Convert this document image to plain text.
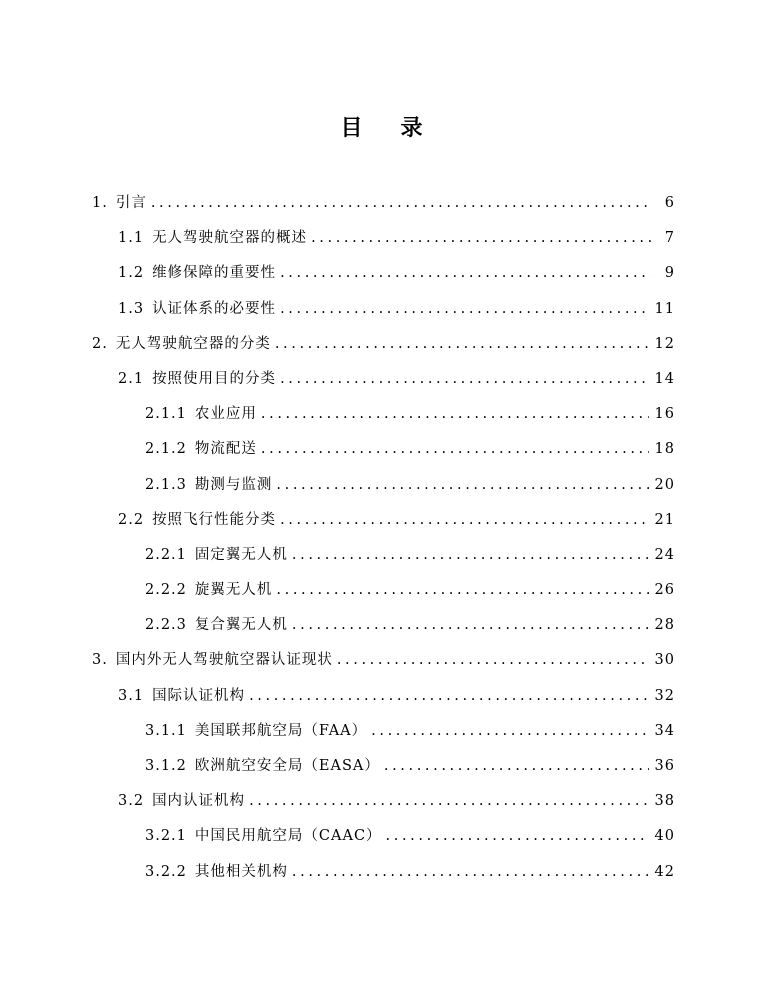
目 录
1. 引言 .....	6
1.1 无人驾驶航空器的概述 .....	7
1.2 维修保障的重要性 .....	9
1.3 认证体系的必要性 .....	11
2. 无人驾驶航空器的分类 .....	12
2.1 按照使用目的分类 .....	14
2.1.1 农业应用 .....	16
2.1.2 物流配送 .....	18
2.1.3 勘测与监测 .....	20
2.2 按照飞行性能分类 .....	21
2.2.1 固定翼无人机 .....	24
2.2.2 旋翼无人机 .....	26
2.2.3 复合翼无人机 .....	28
3. 国内外无人驾驶航空器认证现状 .....	30
3.1 国际认证机构 .....	32
3.1.1 美国联邦航空局（FAA） .....	34
3.1.2 欧洲航空安全局（EASA） .....	36
3.2 国内认证机构 .....	38
3.2.1 中国民用航空局（CAAC） .....	40
3.2.2 其他相关机构 .....	42
